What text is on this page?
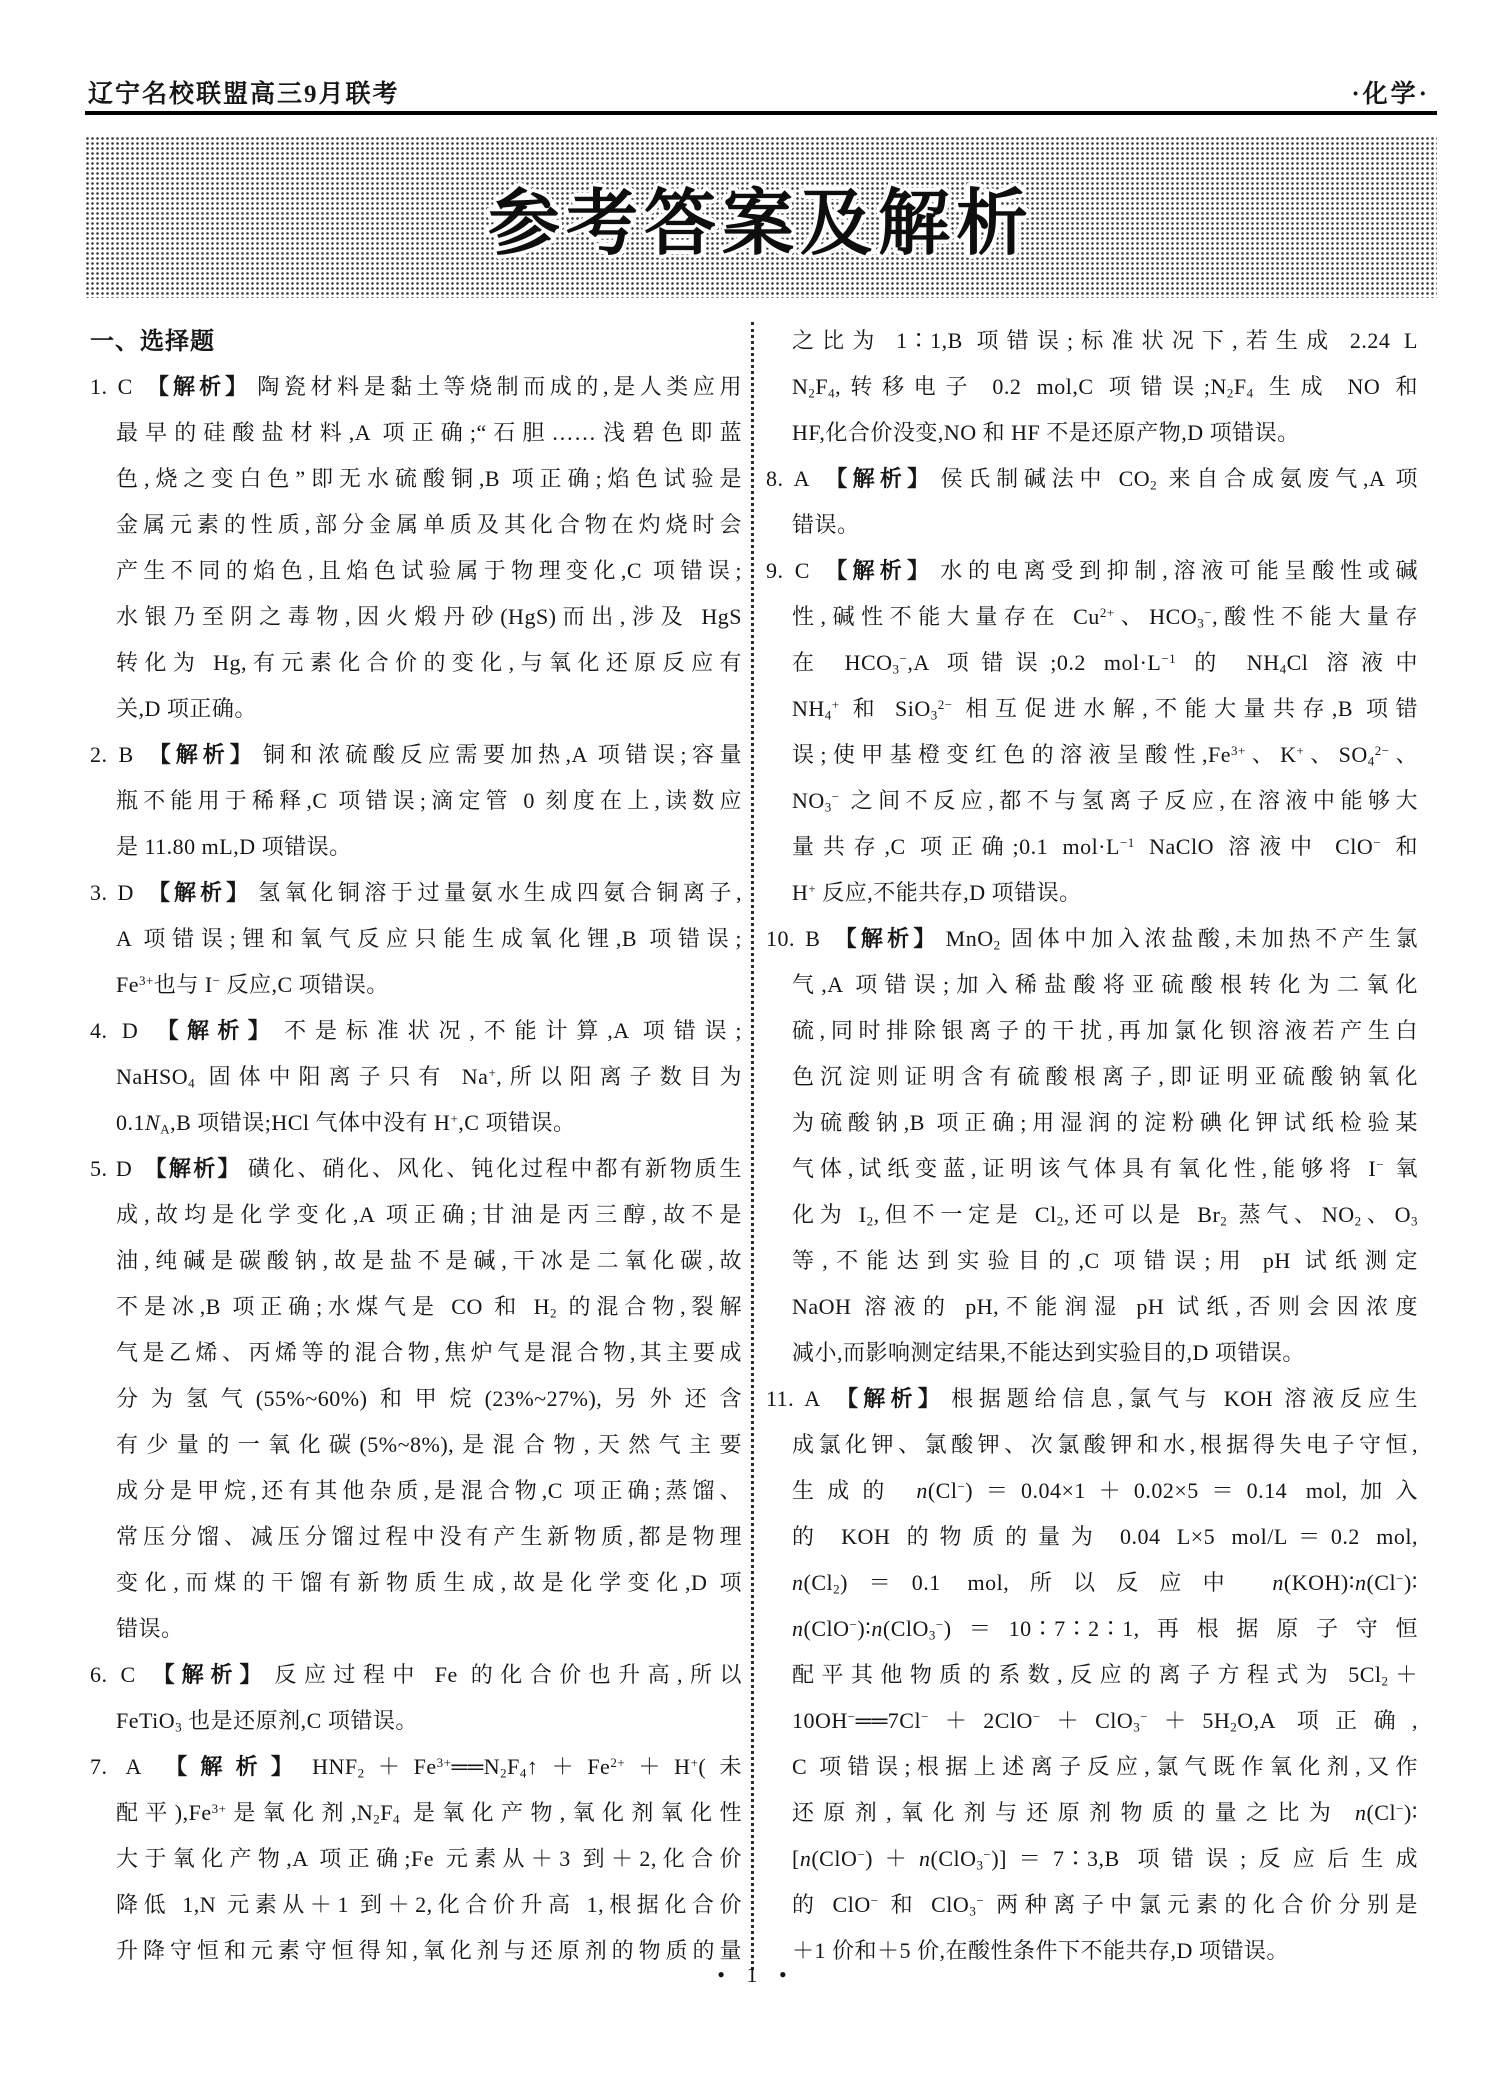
辽宁名校联盟高三9月联考	·化学·
参考答案及解析
一、选择题
1. C 【解析】 陶瓷材料是黏土等烧制而成的,是人类应用
最早的硅酸盐材料,A 项正确;“石胆……浅碧色即蓝
色,烧之变白色”即无水硫酸铜,B 项正确;焰色试验是
金属元素的性质,部分金属单质及其化合物在灼烧时会
产生不同的焰色,且焰色试验属于物理变化,C 项错误;
水银乃至阴之毒物,因火煅丹砂(HgS)而出,涉及 HgS
转化为 Hg,有元素化合价的变化,与氧化还原反应有
关,D 项正确。
2. B 【解析】 铜和浓硫酸反应需要加热,A 项错误;容量
瓶不能用于稀释,C 项错误;滴定管 0 刻度在上,读数应
是 11.80 mL,D 项错误。
3. D 【解析】 氢氧化铜溶于过量氨水生成四氨合铜离子,
A 项错误;锂和氧气反应只能生成氧化锂,B 项错误;
$Fe^{3+}$也与 I− 反应,C 项错误。
4. D 【解析】 不是标准状况,不能计算,A 项错误;
NaHSO$_4$ 固体中阳离子只有 Na+,所以阳离子数目为
$0.1N_A,B$ 项错误;HCl 气体中没有 H+,C 项错误。
5. D 【解析】 磺化、硝化、风化、钝化过程中都有新物质生
成,故均是化学变化,A 项正确;甘油是丙三醇,故不是
油,纯碱是碳酸钠,故是盐不是碱,干冰是二氧化碳,故
不是冰,B 项正确;水煤气是 CO 和 $H_2$ 的混合物,裂解
气是乙烯、丙烯等的混合物,焦炉气是混合物,其主要成
分为氢气(55%~60%)和甲烷(23%~27%),另外还含
有少量的一氧化碳(5%~8%),是混合物,天然气主要
成分是甲烷,还有其他杂质,是混合物,C 项正确;蒸馏、
常压分馏、减压分馏过程中没有产生新物质,都是物理
变化,而煤的干馏有新物质生成,故是化学变化,D 项
错误。
6. C 【解析】 反应过程中 Fe 的化合价也升高,所以
FeTiO$_3$ 也是还原剂,C 项错误。
7. A 【解析】 $HNF_2+Fe^{3+}══N_2F_4↑+Fe^{2+}+H^+$(未
配平)$,Fe^{3+}$是氧化剂$,N_2F_4$ 是氧化产物,氧化剂氧化性
大于氧化产物,A 项正确;Fe 元素从＋3 到＋2,化合价
降低 1,N 元素从＋1 到＋2,化合价升高 1,根据化合价
升降守恒和元素守恒得知,氧化剂与还原剂的物质的量
之比为 1∶1,B 项错误;标准状况下,若生成 2.24 L
$N_2F_4$,转移电子 0.2 mol,C 项错误$;N_2F_4$ 生成 NO 和
HF,化合价没变,NO 和 HF 不是还原产物,D 项错误。
8. A 【解析】 侯氏制碱法中 $CO_2$ 来自合成氨废气,A 项
错误。
9. C 【解析】 水的电离受到抑制,溶液可能呈酸性或碱
性,碱性不能大量存在 $Cu^{2+}$、$HCO_3^-$,酸性不能大量存
在 $HCO_3^-,A$ 项错误;0.2 $mol\cdot L^{-1}$ 的 $NH_4Cl$ 溶液中
$NH_4^+$ 和 SiO$_3^{2-}$ 相互促进水解,不能大量共存,B 项错
误;使甲基橙变红色的溶液呈酸性$,Fe^{3+}$、K+、$SO_4^{2-}$、
$NO_3^-$ 之间不反应,都不与氢离子反应,在溶液中能够大
量共存,C 项正确;0.1 $mol\cdot L^{-1}$ NaClO 溶液中 ClO− 和
H+ 反应,不能共存,D 项错误。
10. B 【解析】 MnO$_2$ 固体中加入浓盐酸,未加热不产生氯
气,A 项错误;加入稀盐酸将亚硫酸根转化为二氧化
硫,同时排除银离子的干扰,再加氯化钡溶液若产生白
色沉淀则证明含有硫酸根离子,即证明亚硫酸钠氧化
为硫酸钠,B 项正确;用湿润的淀粉碘化钾试纸检验某
气体,试纸变蓝,证明该气体具有氧化性,能够将 I− 氧
化为 $I_2$,但不一定是 $Cl_2$,还可以是 $Br_2$ 蒸气、$NO_2$、$O_3$
等,不能达到实验目的,C 项错误;用 pH 试纸测定
NaOH 溶液的 pH,不能润湿 pH 试纸,否则会因浓度
减小,而影响测定结果,不能达到实验目的,D 项错误。
11. A 【解析】 根据题给信息,氯气与 KOH 溶液反应生
成氯化钾、氯酸钾、次氯酸钾和水,根据得失电子守恒,
生成的 n(Cl−)＝0.04×1＋0.02×5＝0.14 mol,加入
的 KOH 的物质的量为 0.04 L×5 mol/L＝0.2 mol,
$n(Cl_2)=0.1$ mol,所以反应中 n(KOH)∶n(Cl−)∶
n(ClO−)∶n(ClO$_3$−)＝10∶7∶2∶1,再根据原子守恒
配平其他物质的系数,反应的离子方程式为 $5Cl_2+$
$10OH^-══7Cl^-+2ClO^-+ClO_3^-+5H_2O,A$ 项正确,
C 项错误;根据上述离子反应,氯气既作氧化剂,又作
还原剂,氧化剂与还原剂物质的量之比为 n(Cl−)∶
[n(ClO−)＋n(ClO$_3$−)]＝7∶3,B 项错误;反应后生成
的 ClO− 和 ClO$_3$− 两种离子中氯元素的化合价分别是
＋1 价和＋5 价,在酸性条件下不能共存,D 项错误。
• 1 •
